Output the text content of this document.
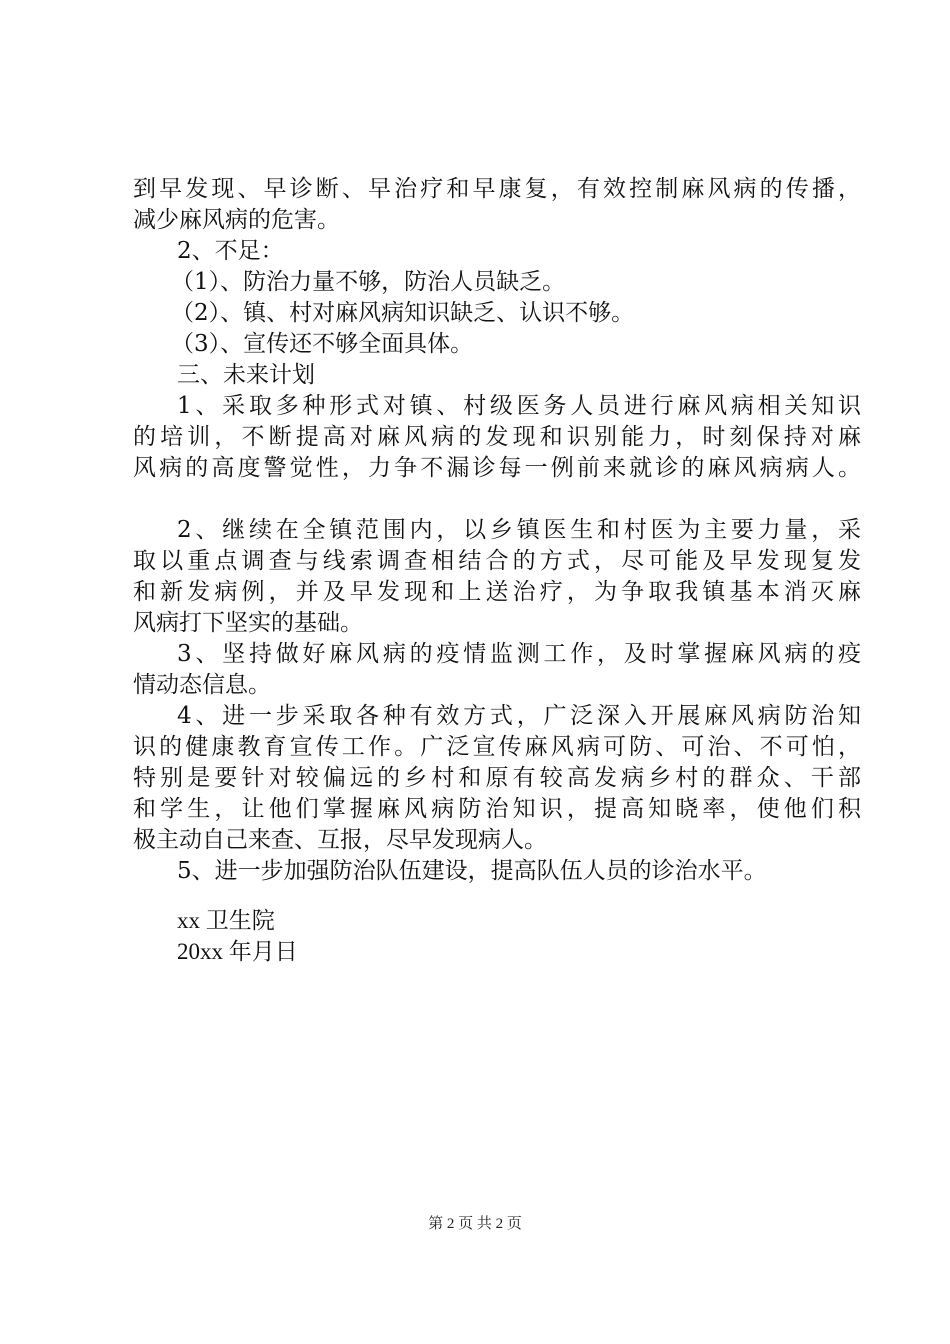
到早发现、早诊断、早治疗和早康复，有效控制麻风病的传播，
减少麻风病的危害。
2、不足：
（1）、防治力量不够，防治人员缺乏。
（2）、镇、村对麻风病知识缺乏、认识不够。
（3）、宣传还不够全面具体。
三、未来计划
1、采取多种形式对镇、村级医务人员进行麻风病相关知识
的培训，不断提高对麻风病的发现和识别能力，时刻保持对麻
风病的高度警觉性，力争不漏诊每一例前来就诊的麻风病病人。
2、继续在全镇范围内，以乡镇医生和村医为主要力量，采
取以重点调查与线索调查相结合的方式，尽可能及早发现复发
和新发病例，并及早发现和上送治疗，为争取我镇基本消灭麻
风病打下坚实的基础。
3、坚持做好麻风病的疫情监测工作，及时掌握麻风病的疫
情动态信息。
4、进一步采取各种有效方式，广泛深入开展麻风病防治知
识的健康教育宣传工作。广泛宣传麻风病可防、可治、不可怕，
特别是要针对较偏远的乡村和原有较高发病乡村的群众、干部
和学生，让他们掌握麻风病防治知识，提高知晓率，使他们积
极主动自己来查、互报，尽早发现病人。
5、进一步加强防治队伍建设，提高队伍人员的诊治水平。
xx 卫生院
20xx 年月日
第 2 页 共 2 页
